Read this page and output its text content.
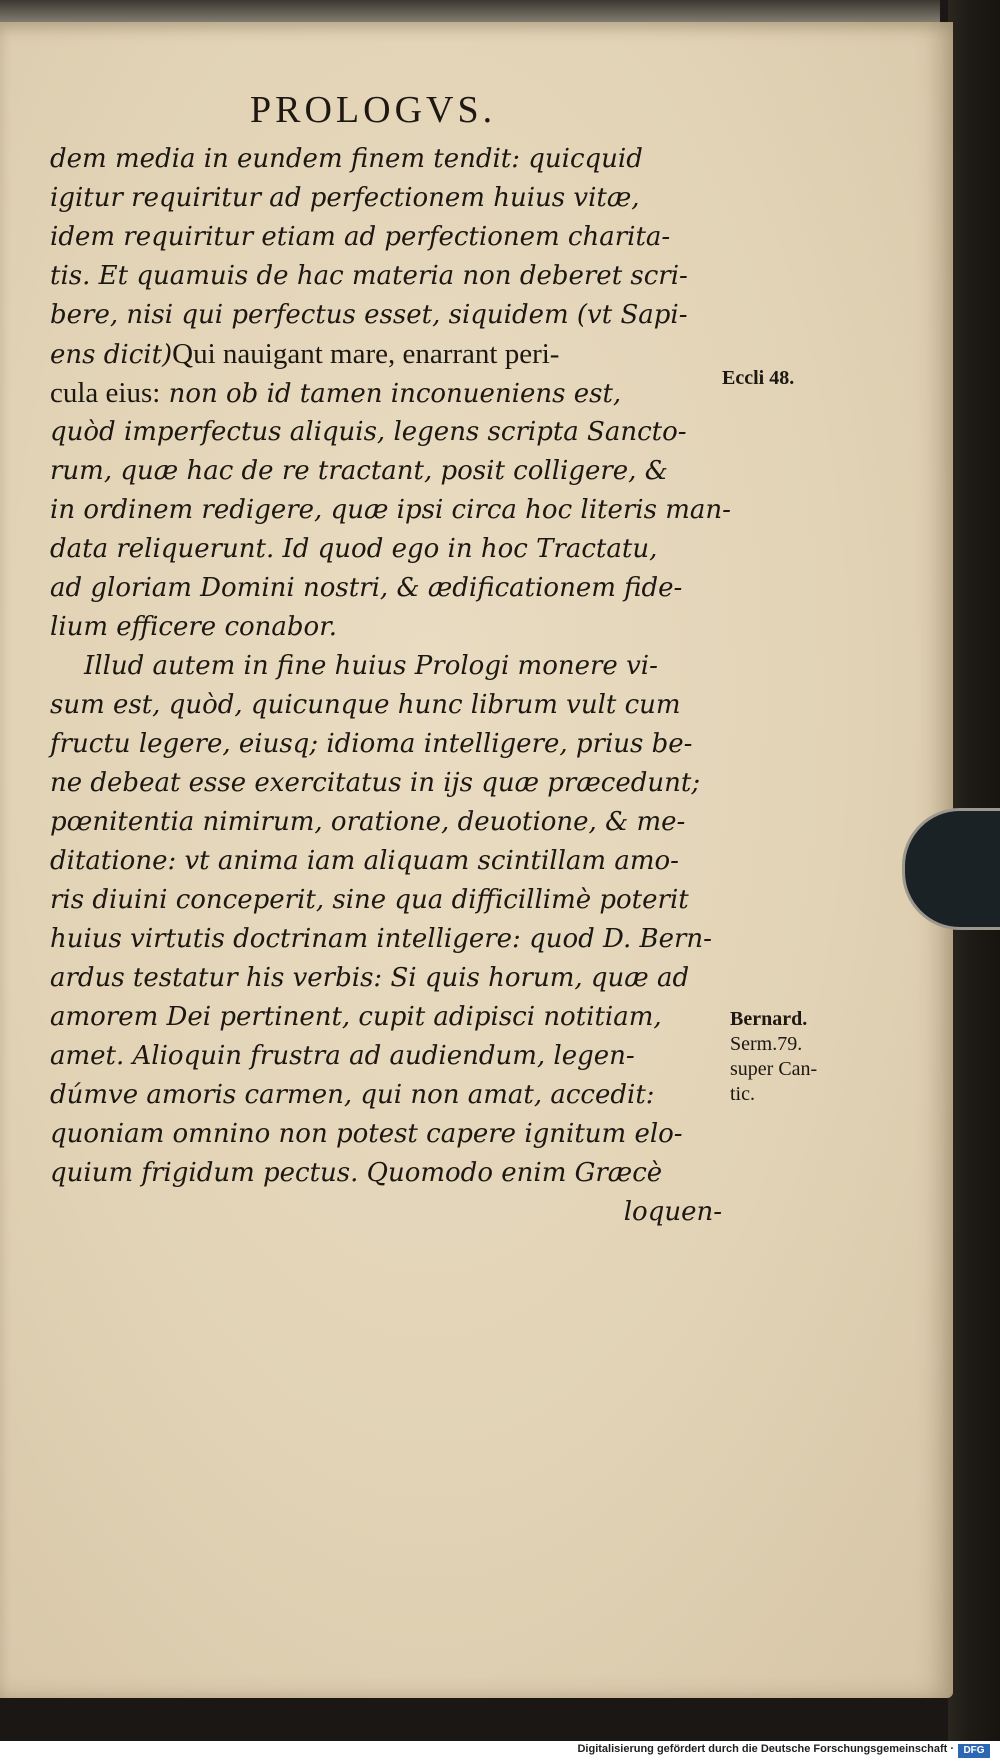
PROLOGVS.
dem media in eundem finem tendit: quicquid
igitur requiritur ad perfectionem huius vitæ,
idem requiritur etiam ad perfectionem charita-
tis. Et quamuis de hac materia non deberet scri-
bere, nisi qui perfectus esset, siquidem (vt Sapi-
ens dicit)Qui nauigant mare, enarrant peri-
cula eius: non ob id tamen inconueniens est,
quòd imperfectus aliquis, legens scripta Sancto-
rum, quæ hac de re tractant, posit colligere, &
in ordinem redigere, quæ ipsi circa hoc literis man-
data reliquerunt. Id quod ego in hoc Tractatu,
ad gloriam Domini nostri, & ædificationem fide-
lium efficere conabor.
Illud autem in fine huius Prologi monere vi-
sum est, quòd, quicunque hunc librum vult cum
fructu legere, eiusq; idioma intelligere, prius be-
ne debeat esse exercitatus in ijs quæ præcedunt;
pœnitentia nimirum, oratione, deuotione, & me-
ditatione: vt anima iam aliquam scintillam amo-
ris diuini conceperit, sine qua difficillimè poterit
huius virtutis doctrinam intelligere: quod D. Bern-
ardus testatur his verbis: Si quis horum, quæ ad
amorem Dei pertinent, cupit adipisci notitiam,
amet. Alioquin frustra ad audiendum, legen-
dúmve amoris carmen, qui non amat, accedit:
quoniam omnino non potest capere ignitum elo-
quium frigidum pectus. Quomodo enim Græcè
loquen-
Eccli 48.
Bernard.
Serm.79.
super Can-
tic.
Digitalisierung gefördert durch die Deutsche Forschungsgemeinschaft · DFG
